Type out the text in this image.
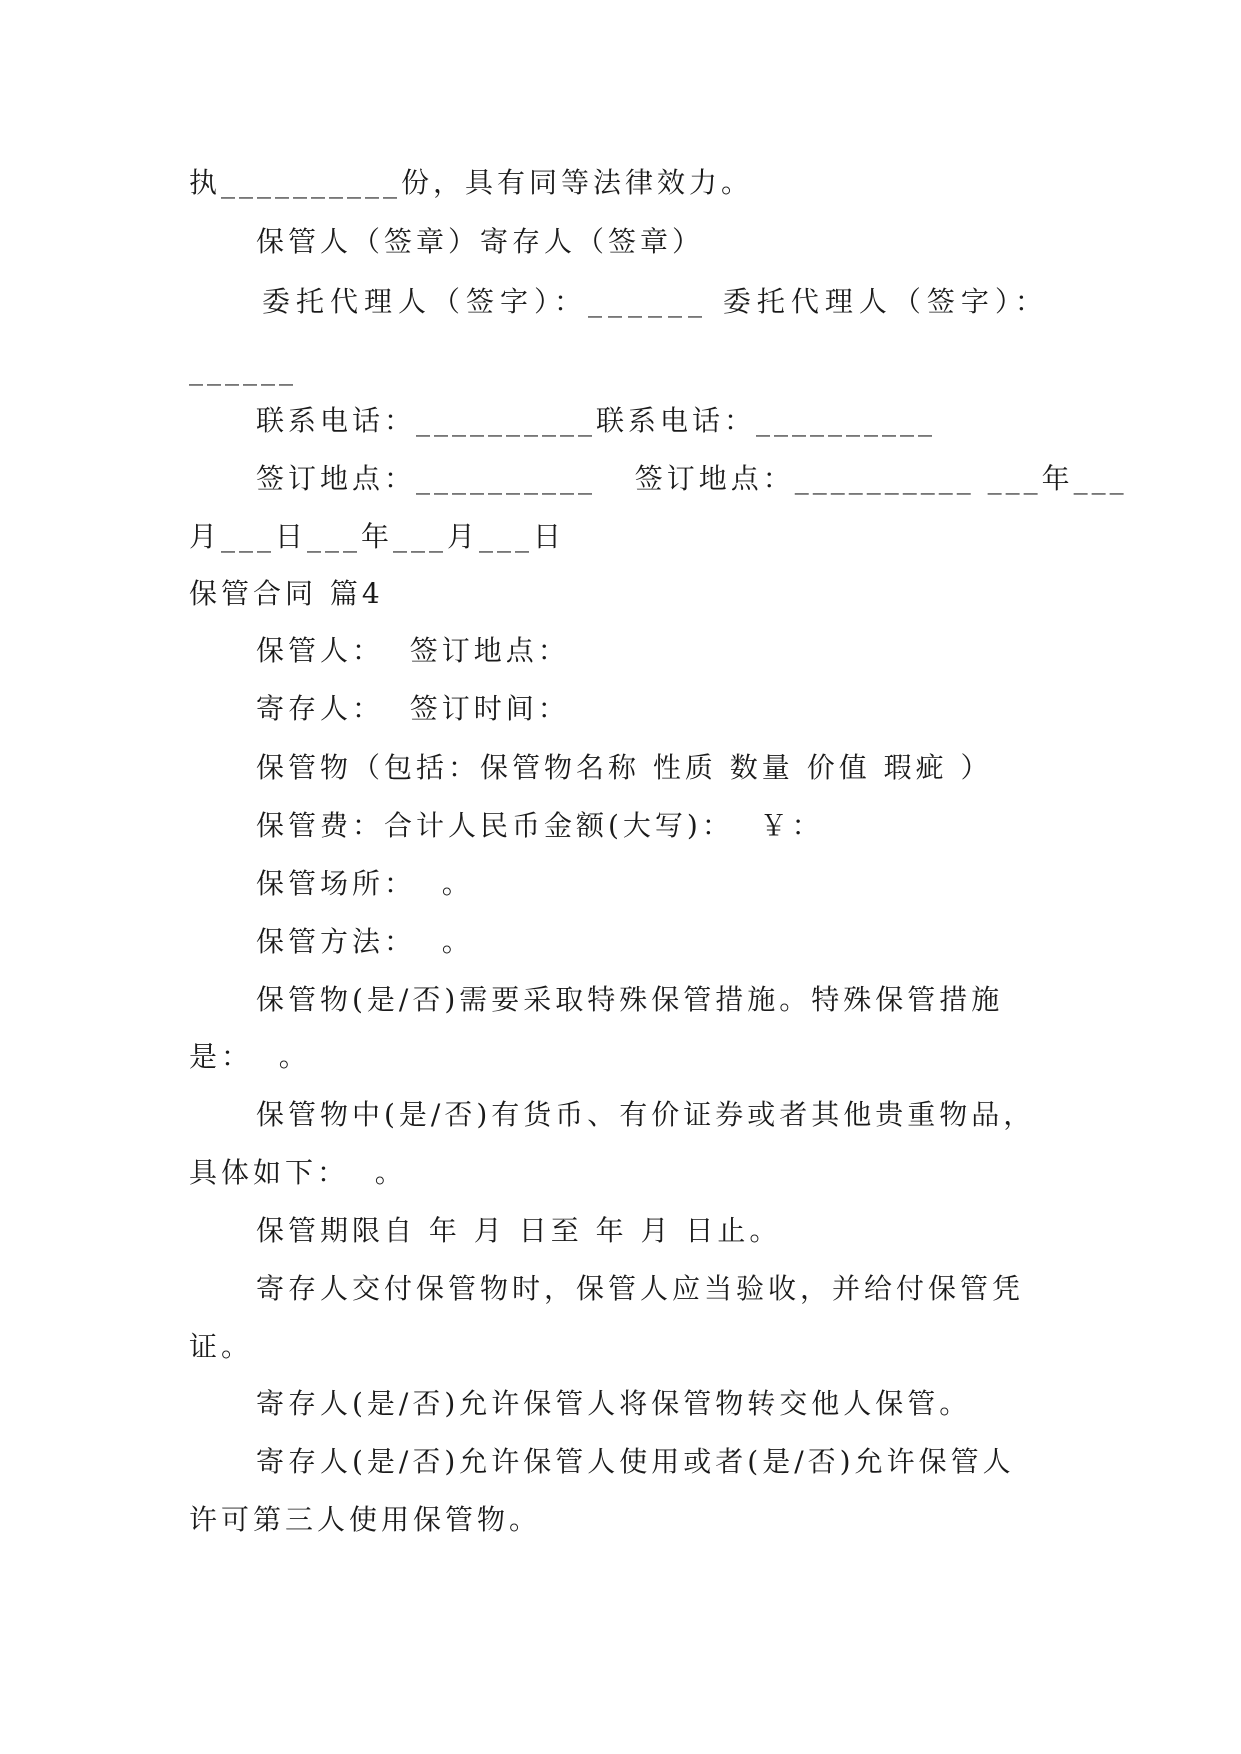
执__________份，具有同等法律效力。
保管人（签章）寄存人（签章）
委托代理人（签字）：______ 委托代理人（签字）：
______
联系电话：__________联系电话：__________
签订地点：__________   签订地点：__________ ___年___
月___日___年___月___日
保管合同 篇4
保管人：  签订地点：
寄存人：  签订时间：
保管物（包括：保管物名称 性质 数量 价值 瑕疵 ）
保管费：合计人民币金额(大写)：  ￥：
保管场所：  。
保管方法：  。
保管物(是/否)需要采取特殊保管措施。特殊保管措施
是：  。
保管物中(是/否)有货币、有价证券或者其他贵重物品，
具体如下：  。
保管期限自 年 月 日至 年 月 日止。
寄存人交付保管物时，保管人应当验收，并给付保管凭
证。
寄存人(是/否)允许保管人将保管物转交他人保管。
寄存人(是/否)允许保管人使用或者(是/否)允许保管人
许可第三人使用保管物。
